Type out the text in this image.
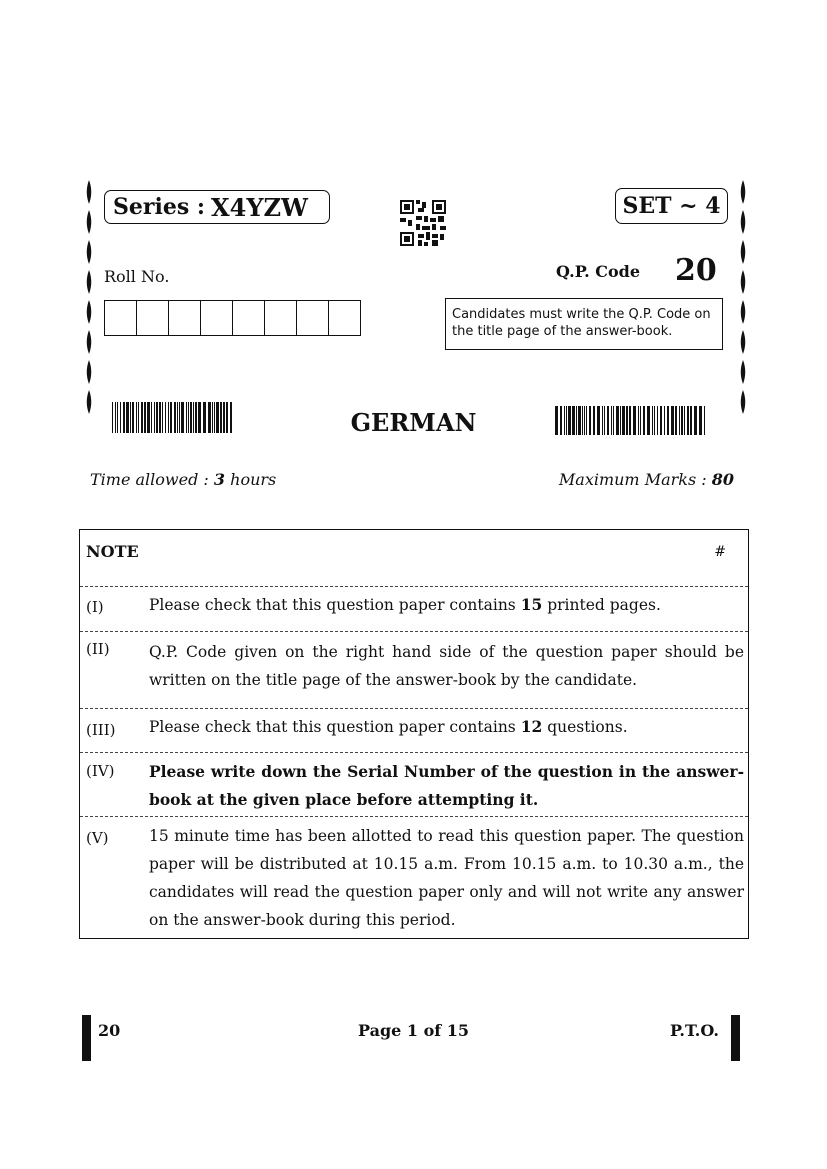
Series : X4YZW	SET ~ 4
Roll No.	Q.P. Code 20
Candidates must write the Q.P. Code on the title page of the answer-book.
GERMAN
Time allowed : 3 hours	Maximum Marks : 80
NOTE	#
(I)	Please check that this question paper contains 15 printed pages.
(II)	Q.P. Code given on the right hand side of the question paper should be written on the title page of the answer-book by the candidate.
(III) Please check that this question paper contains 12 questions.
(IV) Please write down the Serial Number of the question in the answer-book at the given place before attempting it.
(V)	15 minute time has been allotted to read this question paper. The question paper will be distributed at 10.15 a.m. From 10.15 a.m. to 10.30 a.m., the candidates will read the question paper only and will not write any answer on the answer-book during this period.
20	Page 1 of 15	P.T.O.
